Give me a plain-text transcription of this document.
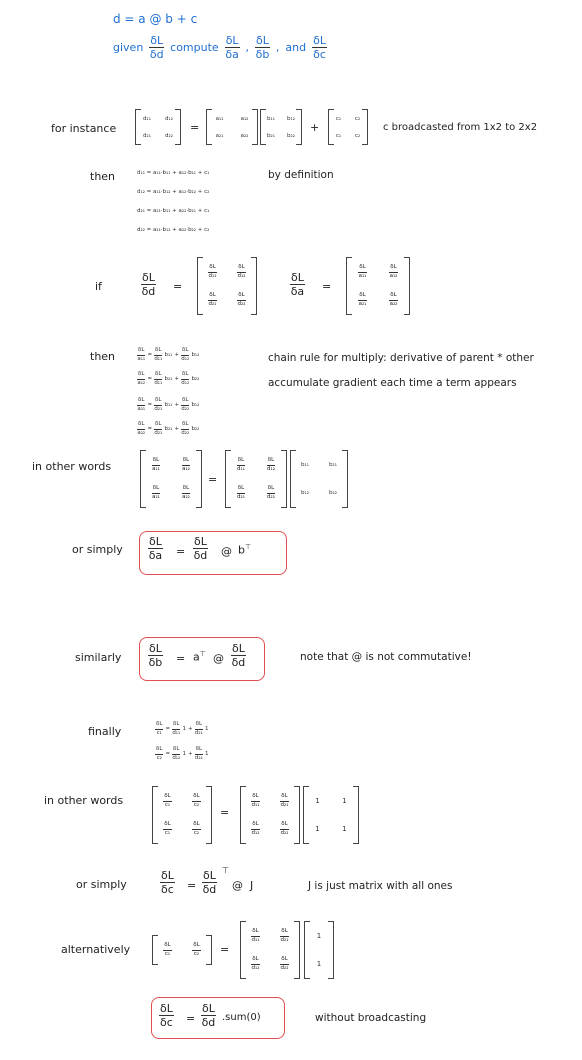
d = a @ b + c
given $\frac{\delta L}{\delta d}$ compute $\frac{\delta L}{\delta a}$ , $\frac{\delta L}{\delta b}$ , and $\frac{\delta L}{\delta c}$
for instance
d₁₁	d₁₂
d₂₁	d₂₂
=
a₁₁	a₁₂
a₂₁	a₂₂
b₁₁ b₁₂
b₂₁ b₂₂
+
c₁	c₂
c₁	c₂
c broadcasted from 1x2 to 2x2
then	d₁₁ = a₁₁·b₁₁ + a₁₂·b₂₁ + c₁
d₁₂ = a₁₁·b₁₂ + a₁₂·b₂₂ + c₂
d₂₁ = a₂₁·b₁₁ + a₂₂·b₂₁ + c₁
d₂₂ = a₂₁·b₁₂ + a₂₂·b₂₂ + c₂
by definition
if	$\frac{\delta L}{\delta d}$ =
$\frac{\delta L}{\text{d₁₁}}$	$\frac{\delta L}{\text{d₁₂}}$
$\frac{\delta L}{\text{d₂₁}}$	$\frac{\delta L}{\text{d₂₂}}$
$\frac{\delta L}{\delta a}$ =
$\frac{\delta L}{\text{a₁₁}}$	$\frac{\delta L}{\text{a₁₂}}$
$\frac{\delta L}{\text{a₂₁}}$	$\frac{\delta L}{\text{a₂₂}}$
then	$\frac{\delta L}{\text{a₁₁}} = \frac{\delta L}{\text{d₁₁}} b_{11} + \frac{\delta L}{\text{d₁₂}} b_{12}$
$\frac{\delta L}{\text{a₁₂}} = \frac{\delta L}{\text{d₁₁}} b_{21} + \frac{\delta L}{\text{d₁₂}} b_{22}$
$\frac{\delta L}{\text{a₂₁}} = \frac{\delta L}{\text{d₂₁}} b_{11} + \frac{\delta L}{\text{d₂₂}} b_{12}$
$\frac{\delta L}{\text{a₂₂}} = \frac{\delta L}{\text{d₂₁}} b_{21} + \frac{\delta L}{\text{d₂₂}} b_{22}$
chain rule for multiply: derivative of parent * other
accumulate gradient each time a term appears
in other words	$\frac{\delta L}{\text{a₁₁}}$	$\frac{\delta L}{\text{a₁₂}}$
$\frac{\delta L}{\text{a₂₁}}$	$\frac{\delta L}{\text{a₂₂}}$
=
$\frac{\delta L}{\text{d₁₁}}$	$\frac{\delta L}{\text{d₁₂}}$
$\frac{\delta L}{\text{d₂₁}}$	$\frac{\delta L}{\text{d₂₂}}$
b₁₁	b₂₁
b₁₂	b₂₂
or simply $\frac{\delta L}{\delta a} = \frac{\delta L}{\delta d}$ @ b⊤
similarly $\frac{\delta L}{\delta b} = a^⊤$ @ $\frac{\delta L}{\delta d}$	note that @ is not commutative!
finally	$\frac{\delta L}{\text{c₁}} = \frac{\delta L}{\text{d₁₁}} 1 + \frac{\delta L}{\text{d₂₁}} 1$
$\frac{\delta L}{\text{c₂}} = \frac{\delta L}{\text{d₁₂}} 1 + \frac{\delta L}{\text{d₂₂}} 1$
in other words	$\frac{\delta L}{\text{c₁}}$	$\frac{\delta L}{\text{c₂}}$
$\frac{\delta L}{\text{c₁}}$	$\frac{\delta L}{\text{c₂}}$
=
$\frac{\delta L}{\text{d₁₁}}$	$\frac{\delta L}{\text{d₂₁}}$
$\frac{\delta L}{\text{d₁₂}}$	$\frac{\delta L}{\text{d₂₂}}$
1	1
1	1
or simply	$\frac{\delta L}{\delta c} = \frac{\delta L}{\delta d}$ ⊤
@ J	J is just matrix with all ones
alternatively	$\frac{\delta L}{\text{c₁}}$	$\frac{\delta L}{\text{c₂}}$ =
$\frac{\delta L}{\text{d₁₁}}$	$\frac{\delta L}{\text{d₂₁}}$
$\frac{\delta L}{\text{d₁₂}}$	$\frac{\delta L}{\text{d₂₂}}$
1
1
$\frac{\delta L}{\delta c} = \frac{\delta L}{\delta d} .sum(0)$	without broadcasting
